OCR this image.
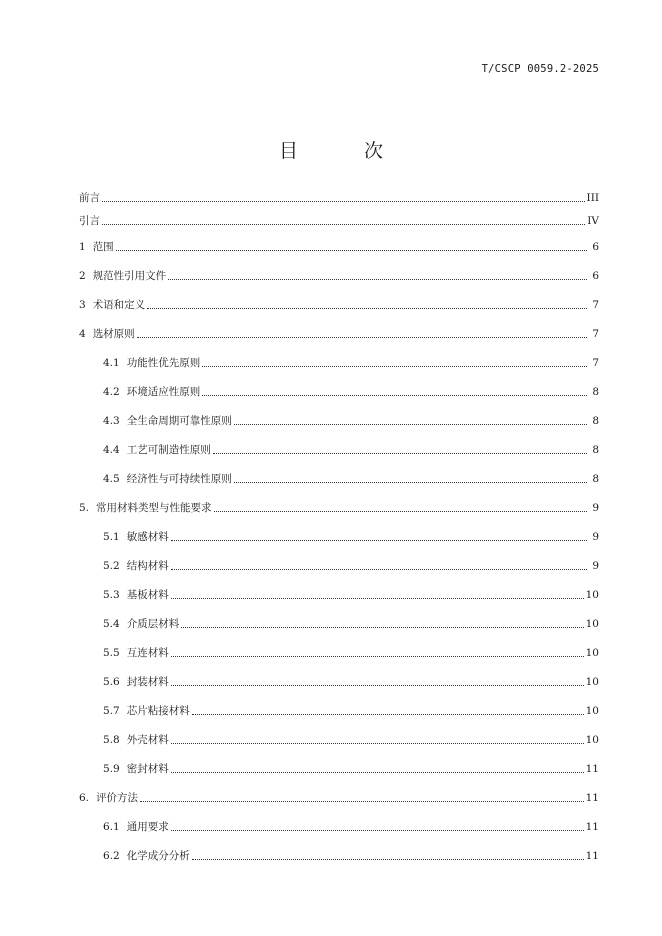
T/CSCP 0059.2-2025
目 次
前言	III
引言	IV
1 范围	6
2 规范性引用文件	6
3 术语和定义	7
4 选材原则	7
4.1 功能性优先原则	7
4.2 环境适应性原则	8
4.3 全生命周期可靠性原则	8
4.4 工艺可制造性原则	8
4.5 经济性与可持续性原则	8
5. 常用材料类型与性能要求	9
5.1 敏感材料	9
5.2 结构材料	9
5.3 基板材料	10
5.4 介质层材料	10
5.5 互连材料	10
5.6 封装材料	10
5.7 芯片粘接材料	10
5.8 外壳材料	10
5.9 密封材料	11
6. 评价方法	11
6.1 通用要求	11
6.2 化学成分分析	11
